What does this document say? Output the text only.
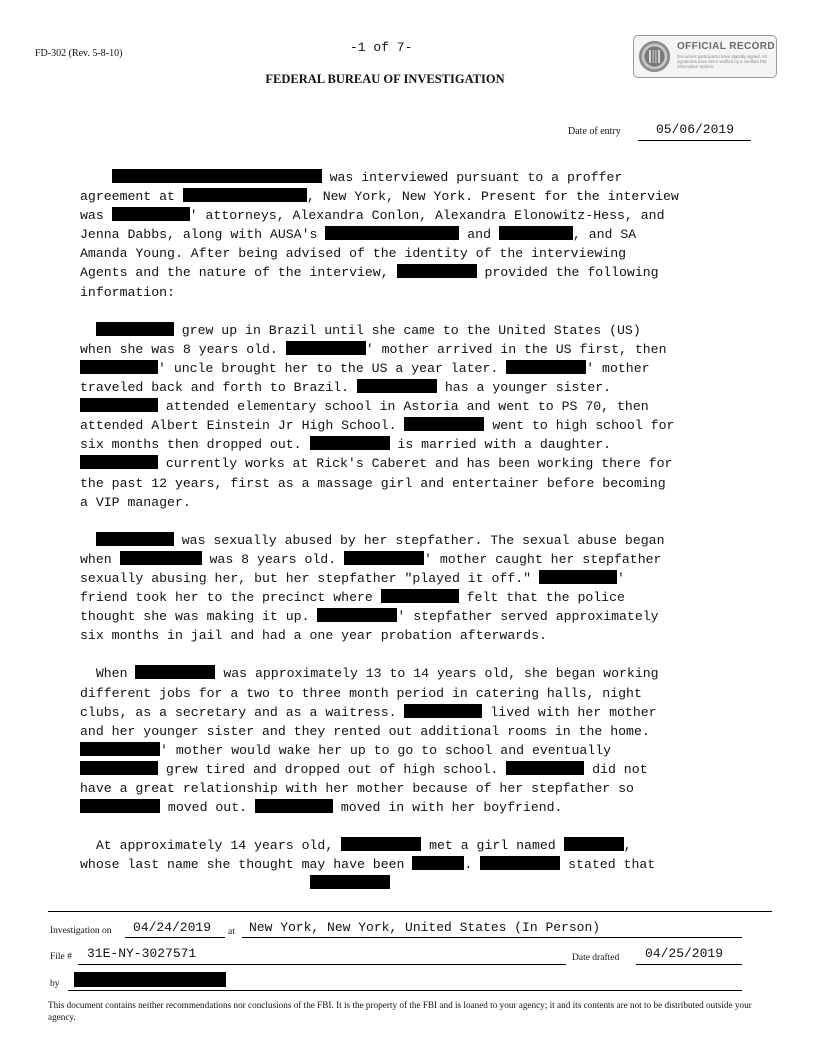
FD-302 (Rev. 5-8-10)	-1 of 7-
FEDERAL BUREAU OF INVESTIGATION
OFFICIAL RECORD
Document participants have digitally signed. All signatures have been verified by a certified FBI information system.
Date of entry	05/06/2019
was interviewed pursuant to a proffer
agreement at	, New York, New York. Present for the interview
was	' attorneys, Alexandra Conlon, Alexandra Elonowitz-Hess, and
Jenna Dabbs, along with AUSA's	and	, and SA
Amanda Young. After being advised of the identity of the interviewing
Agents and the nature of the interview,	provided the following
information:
grew up in Brazil until she came to the United States (US)
when she was 8 years old.	' mother arrived in the US first, then
' uncle brought her to the US a year later.	' mother
traveled back and forth to Brazil.	has a younger sister.
attended elementary school in Astoria and went to PS 70, then
attended Albert Einstein Jr High School.	went to high school for
six months then dropped out.	is married with a daughter.
currently works at Rick's Caberet and has been working there for
the past 12 years, first as a massage girl and entertainer before becoming
a VIP manager.
was sexually abused by her stepfather. The sexual abuse began
when	was 8 years old.	' mother caught her stepfather
sexually abusing her, but her stepfather "played it off."	'
friend took her to the precinct where	felt that the police
thought she was making it up.	' stepfather served approximately
six months in jail and had a one year probation afterwards.
When	was approximately 13 to 14 years old, she began working
different jobs for a two to three month period in catering halls, night
clubs, as a secretary and as a waitress.	lived with her mother
and her younger sister and they rented out additional rooms in the home.
' mother would wake her up to go to school and eventually
grew tired and dropped out of high school.	did not
have a great relationship with her mother because of her stepfather so
moved out.	moved in with her boyfriend.
At approximately 14 years old,	met a girl named	,
whose last name she thought may have been	.	stated that

Investigation on 04/24/2019 at New York, New York, United States (In Person)
File # 31E-NY-3027571	Date drafted 04/25/2019
by
This document contains neither recommendations nor conclusions of the FBI. It is the property of the FBI and is loaned to your agency; it and its contents are not to be distributed outside your agency.
